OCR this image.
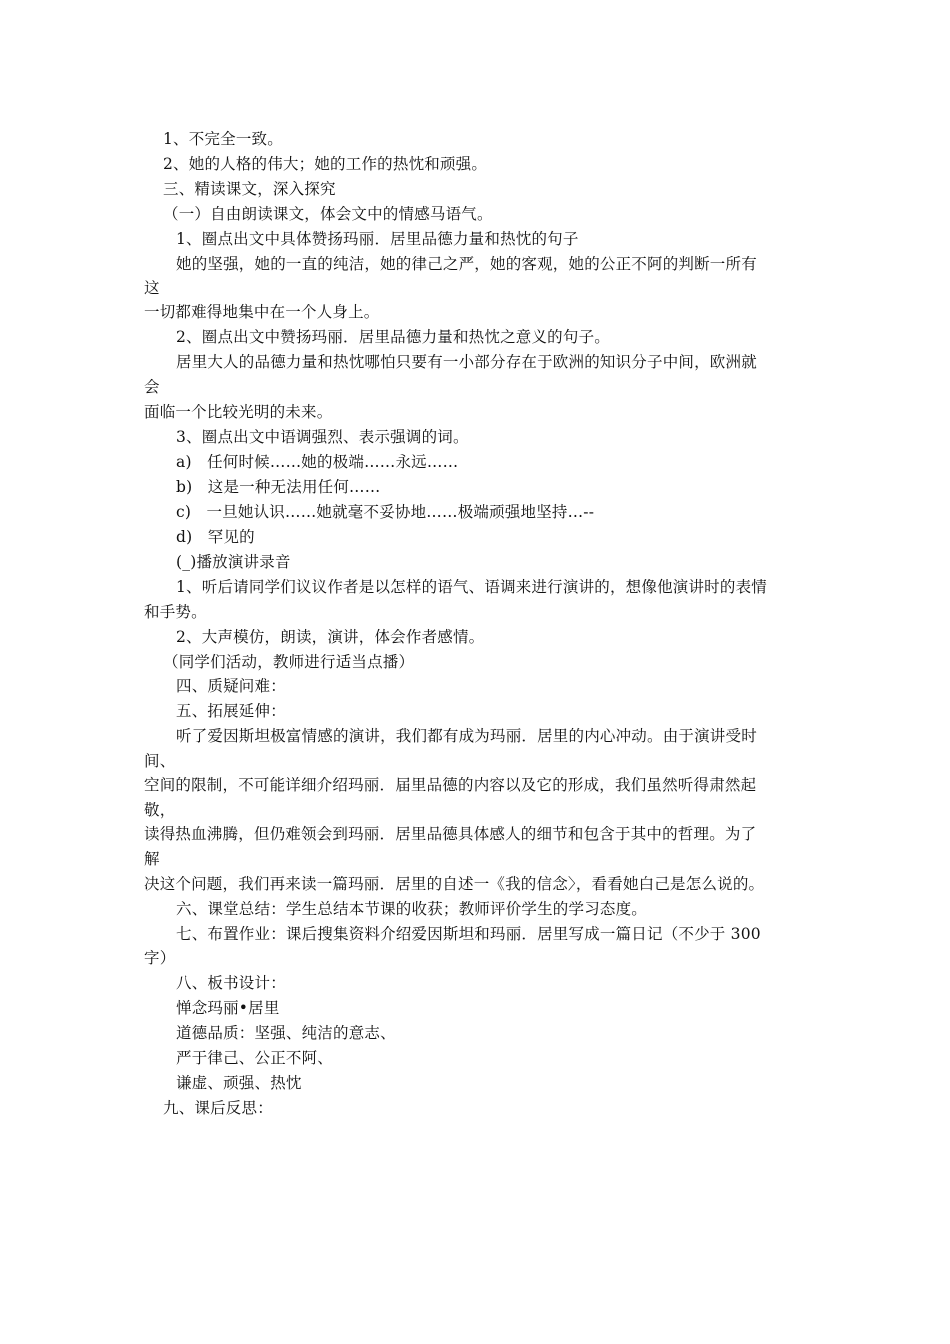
1、不完全一致。
2、她的人格的伟大；她的工作的热忱和顽强。
三、精读课文，深入探究
（一）自由朗读课文，体会文中的情感马语气。
1、圈点出文中具体赞扬玛丽．居里品德力量和热忱的句子
她的坚强，她的一直的纯洁，她的律己之严，她的客观，她的公正不阿的判断一所有
这
一切都难得地集中在一个人身上。
2、圈点出文中赞扬玛丽．居里品德力量和热忱之意义的句子。
居里大人的品德力量和热忱哪怕只要有一小部分存在于欧洲的知识分子中间，欧洲就
会
面临一个比较光明的未来。
3、圈点出文中语调强烈、表示强调的词。
a)   任何时候……她的极端……永远……
b)   这是一种无法用任何……
c)   一旦她认识……她就毫不妥协地……极端顽强地坚持…--
d)   罕见的
(_)播放演讲录音
1、听后请同学们议议作者是以怎样的语气、语调来进行演讲的，想像他演讲时的表情
和手势。
2、大声模仿，朗读，演讲，体会作者感情。
（同学们活动，教师进行适当点播）
四、质疑问难：
五、拓展延伸：
听了爱因斯坦极富情感的演讲，我们都有成为玛丽．居里的内心冲动。由于演讲受时
间、
空间的限制，不可能详细介绍玛丽．届里品德的内容以及它的形成，我们虽然听得肃然起
敬，
读得热血沸腾，但仍难领会到玛丽．居里品德具体感人的细节和包含于其中的哲理。为了
解
决这个问题，我们再来读一篇玛丽．居里的自述一《我的信念〉，看看她白己是怎么说的。
六、课堂总结：学生总结本节课的收获；教师评价学生的学习态度。
七、布置作业：课后搜集资料介绍爱因斯坦和玛丽．居里写成一篇日记（不少于 300
字）
八、板书设计：
惮念玛丽•居里
道德品质：坚强、纯洁的意志、
严于律己、公正不阿、
谦虚、顽强、热忱
九、课后反思：
